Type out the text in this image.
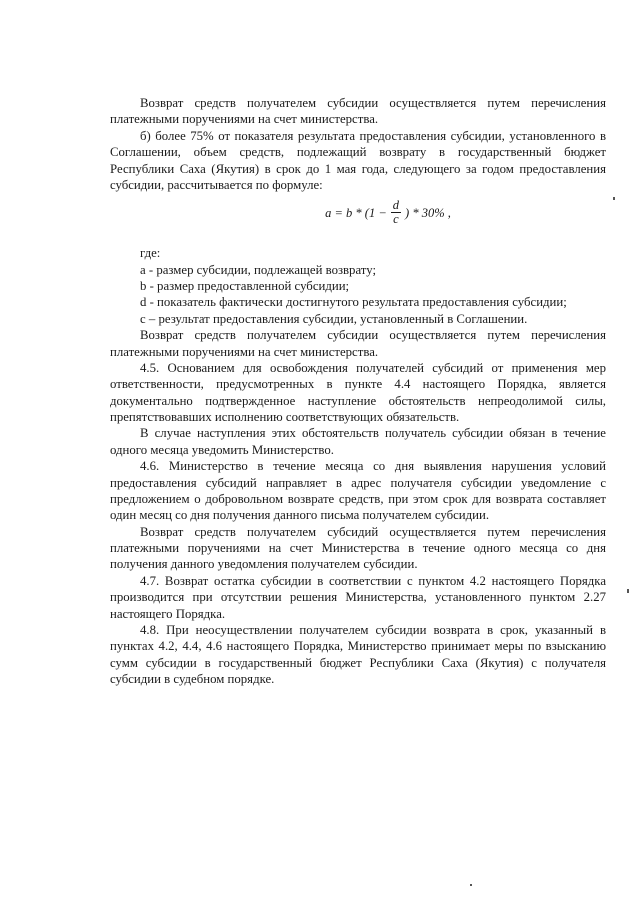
Возврат средств получателем субсидии осуществляется путем перечисления платежными поручениями на счет министерства.

б) более 75% от показателя результата предоставления субсидии, установленного в Соглашении, объем средств, подлежащий возврату в государственный бюджет Республики Саха (Якутия) в срок до 1 мая года, следующего за годом предоставления субсидии, рассчитывается по формуле:

$a = b * (1 - \frac{d}{c}$ ) * 30% ,

где:

а - размер субсидии, подлежащей возврату;

b - размер предоставленной субсидии;

d - показатель фактически достигнутого результата предоставления субсидии;

c – результат предоставления субсидии, установленный в Соглашении.

Возврат средств получателем субсидии осуществляется путем перечисления платежными поручениями на счет министерства.

4.5. Основанием для освобождения получателей субсидий от применения мер ответственности, предусмотренных в пункте 4.4 настоящего Порядка, является документально подтвержденное наступление обстоятельств непреодолимой силы, препятствовавших исполнению соответствующих обязательств.

В случае наступления этих обстоятельств получатель субсидии обязан в течение одного месяца уведомить Министерство.

4.6. Министерство в течение месяца со дня выявления нарушения условий предоставления субсидий направляет в адрес получателя субсидии уведомление с предложением о добровольном возврате средств, при этом срок для возврата составляет один месяц со дня получения данного письма получателем субсидии.

Возврат средств получателем субсидий осуществляется путем перечисления платежными поручениями на счет Министерства в течение одного месяца со дня получения данного уведомления получателем субсидии.

4.7. Возврат остатка субсидии в соответствии с пунктом 4.2 настоящего Порядка производится при отсутствии решения Министерства, установленного пунктом 2.27 настоящего Порядка.

4.8. При неосуществлении получателем субсидии возврата в срок, указанный в пунктах 4.2, 4.4, 4.6 настоящего Порядка, Министерство принимает меры по взысканию сумм субсидии в государственный бюджет Республики Саха (Якутия) с получателя субсидии в судебном порядке.
